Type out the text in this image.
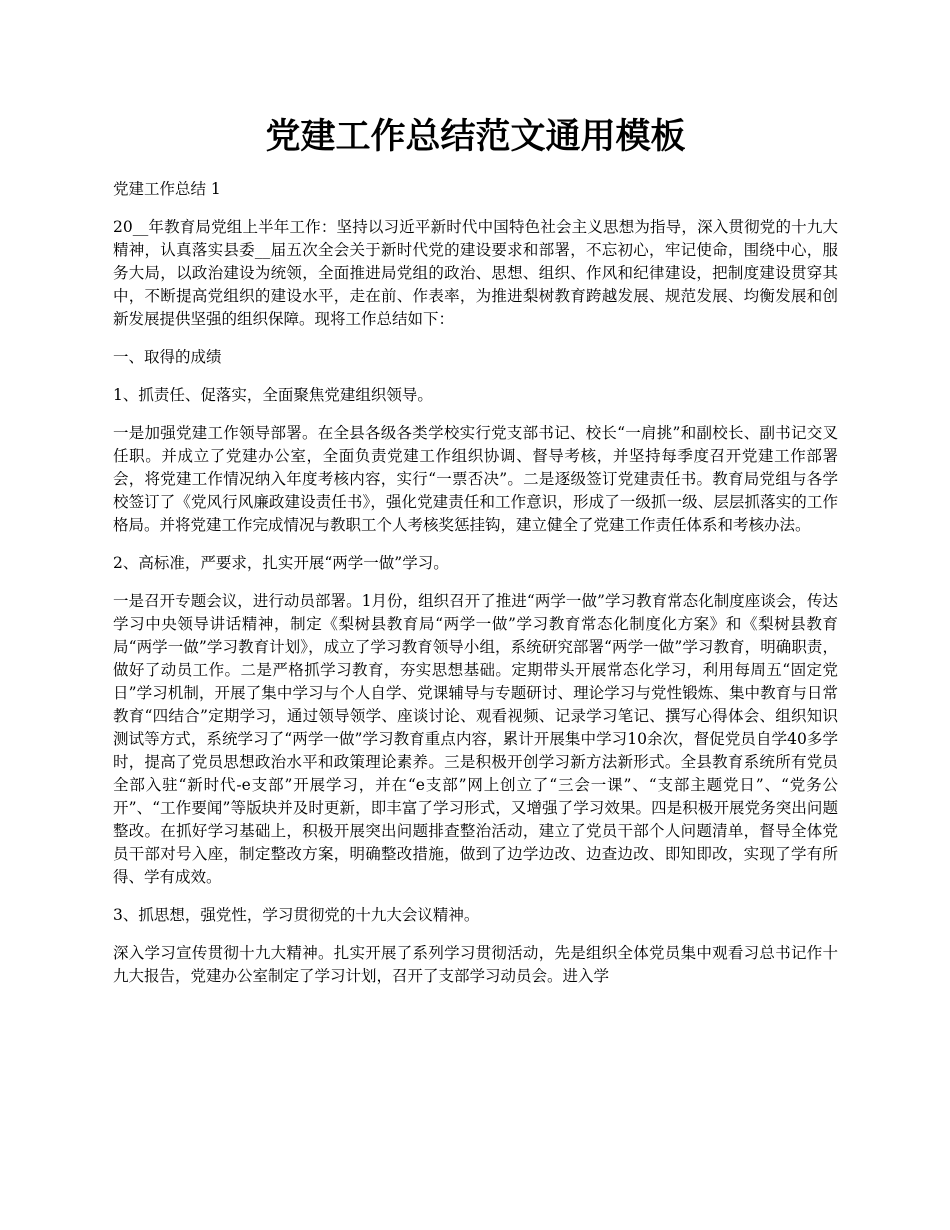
党建工作总结范文通用模板

党建工作总结 1

20__年教育局党组上半年工作：坚持以习近平新时代中国特色社会主义思想为指导，深入贯彻党的十九大精神，认真落实县委__届五次全会关于新时代党的建设要求和部署，不忘初心，牢记使命，围绕中心，服务大局，以政治建设为统领，全面推进局党组的政治、思想、组织、作风和纪律建设，把制度建设贯穿其中，不断提高党组织的建设水平，走在前、作表率，为推进梨树教育跨越发展、规范发展、均衡发展和创新发展提供坚强的组织保障。现将工作总结如下：

一、取得的成绩

1、抓责任、促落实，全面聚焦党建组织领导。

一是加强党建工作领导部署。在全县各级各类学校实行党支部书记、校长“一肩挑”和副校长、副书记交叉任职。并成立了党建办公室，全面负责党建工作组织协调、督导考核，并坚持每季度召开党建工作部署会，将党建工作情况纳入年度考核内容，实行“一票否决”。二是逐级签订党建责任书。教育局党组与各学校签订了《党风行风廉政建设责任书》，强化党建责任和工作意识，形成了一级抓一级、层层抓落实的工作格局。并将党建工作完成情况与教职工个人考核奖惩挂钩，建立健全了党建工作责任体系和考核办法。

2、高标准，严要求，扎实开展“两学一做”学习。

一是召开专题会议，进行动员部署。1月份，组织召开了推进“两学一做”学习教育常态化制度座谈会，传达学习中央领导讲话精神，制定《梨树县教育局“两学一做”学习教育常态化制度化方案》和《梨树县教育局“两学一做”学习教育计划》，成立了学习教育领导小组，系统研究部署“两学一做”学习教育，明确职责，做好了动员工作。二是严格抓学习教育，夯实思想基础。定期带头开展常态化学习，利用每周五“固定党日”学习机制，开展了集中学习与个人自学、党课辅导与专题研讨、理论学习与党性锻炼、集中教育与日常教育“四结合”定期学习，通过领导领学、座谈讨论、观看视频、记录学习笔记、撰写心得体会、组织知识测试等方式，系统学习了“两学一做”学习教育重点内容，累计开展集中学习10余次，督促党员自学40多学时，提高了党员思想政治水平和政策理论素养。三是积极开创学习新方法新形式。全县教育系统所有党员全部入驻“新时代-e支部”开展学习，并在“e支部”网上创立了“三会一课”、“支部主题党日”、“党务公开”、“工作要闻”等版块并及时更新，即丰富了学习形式，又增强了学习效果。四是积极开展党务突出问题整改。在抓好学习基础上，积极开展突出问题排查整治活动，建立了党员干部个人问题清单，督导全体党员干部对号入座，制定整改方案，明确整改措施，做到了边学边改、边查边改、即知即改，实现了学有所得、学有成效。

3、抓思想，强党性，学习贯彻党的十九大会议精神。

深入学习宣传贯彻十九大精神。扎实开展了系列学习贯彻活动，先是组织全体党员集中观看习总书记作十九大报告，党建办公室制定了学习计划，召开了支部学习动员会。进入学
